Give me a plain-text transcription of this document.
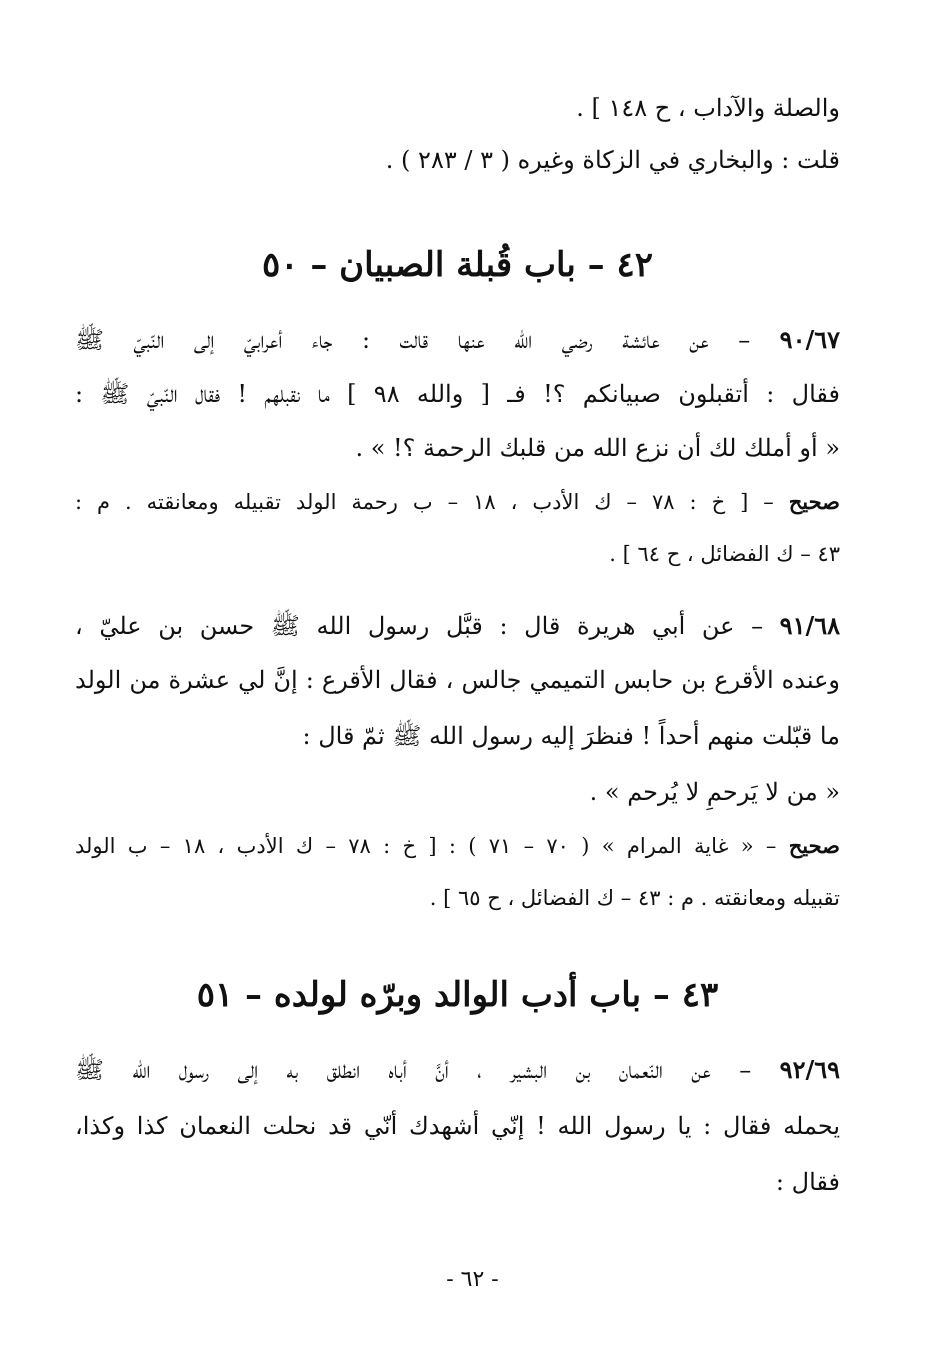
والصلة والآداب ، ح ١٤٨ ] .
قلت : والبخاري في الزكاة وغيره ( ٣ / ٢٨٣ ) .
٤٢ – باب قُبلة الصبيان – ٥٠
٩٠/٦٧ – عن عائشة رضي الله عنها قالت : جاء أعرابيّ إلى النّبيّ ﷺ
فقال : أتقبلون صبيانكم ؟! فـ [ والله ٩٨ ] ما نقبلهم ! فقال النّبيّ ﷺ :
« أو أملك لك أن نزع الله من قلبك الرحمة ؟! » .
صحيح – [ خ : ٧٨ – ك الأدب ، ١٨ – ب رحمة الولد تقبيله ومعانقته . م :
٤٣ – ك الفضائل ، ح ٦٤ ] .
٩١/٦٨ – عن أبي هريرة قال : قبَّل رسول الله ﷺ حسن بن عليّ ،
وعنده الأقرع بن حابس التميمي جالس ، فقال الأقرع : إنَّ لي عشرة من الولد
ما قبّلت منهم أحداً ! فنظرَ إليه رسول الله ﷺ ثمّ قال :
« من لا يَرحمِ لا يُرحم » .
صحيح – « غاية المرام » ( ٧٠ – ٧١ ) : [ خ : ٧٨ – ك الأدب ، ١٨ – ب الولد
تقبيله ومعانقته . م : ٤٣ – ك الفضائل ، ح ٦٥ ] .
٤٣ – باب أدب الوالد وبرّه لولده – ٥١
٩٢/٦٩ – عن النّعمان بن البشير ، أنَّ أباه انطلق به إلى رسول الله ﷺ
يحمله فقال : يا رسول الله ! إنّي أشهدك أنّي قد نحلت النعمان كذا وكذا،
فقال :
- ٦٢ -
